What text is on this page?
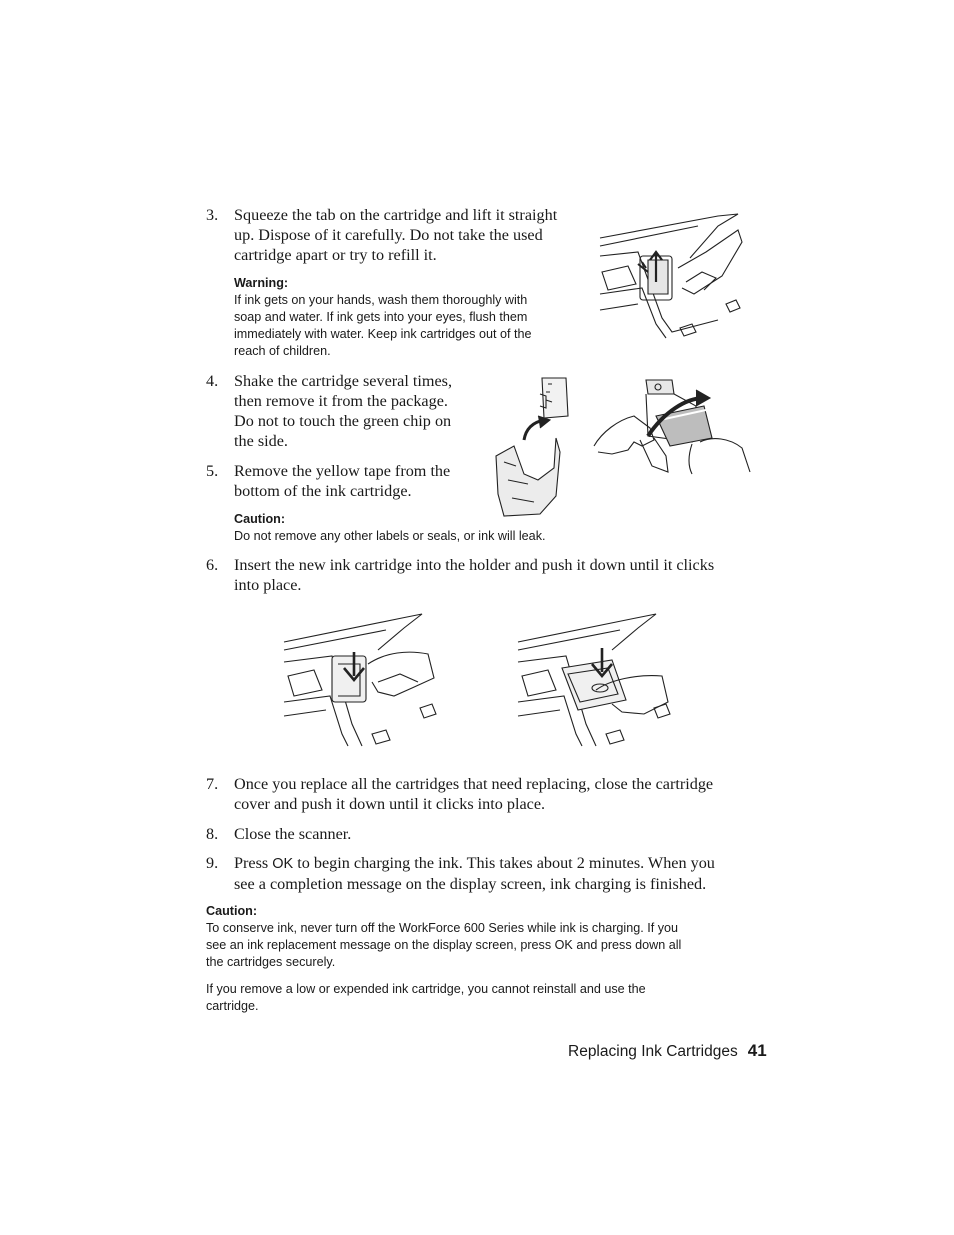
3. Squeeze the tab on the cartridge and lift it straight
up. Dispose of it carefully. Do not take the used
cartridge apart or try to refill it.
Warning:
If ink gets on your hands, wash them thoroughly with
soap and water. If ink gets into your eyes, flush them
immediately with water. Keep ink cartridges out of the
reach of children.
4. Shake the cartridge several times,
then remove it from the package.
Do not to touch the green chip on
the side.
5. Remove the yellow tape from the
bottom of the ink cartridge.
Caution:
Do not remove any other labels or seals, or ink will leak.
6. Insert the new ink cartridge into the holder and push it down until it clicks
into place.
7. Once you replace all the cartridges that need replacing, close the cartridge
cover and push it down until it clicks into place.
8. Close the scanner.
9. Press OK to begin charging the ink. This takes about 2 minutes. When you
see a completion message on the display screen, ink charging is finished.
Caution:
To conserve ink, never turn off the WorkForce 600 Series while ink is charging. If you
see an ink replacement message on the display screen, press OK and press down all
the cartridges securely.
If you remove a low or expended ink cartridge, you cannot reinstall and use the
cartridge.
Replacing Ink Cartridges 41
